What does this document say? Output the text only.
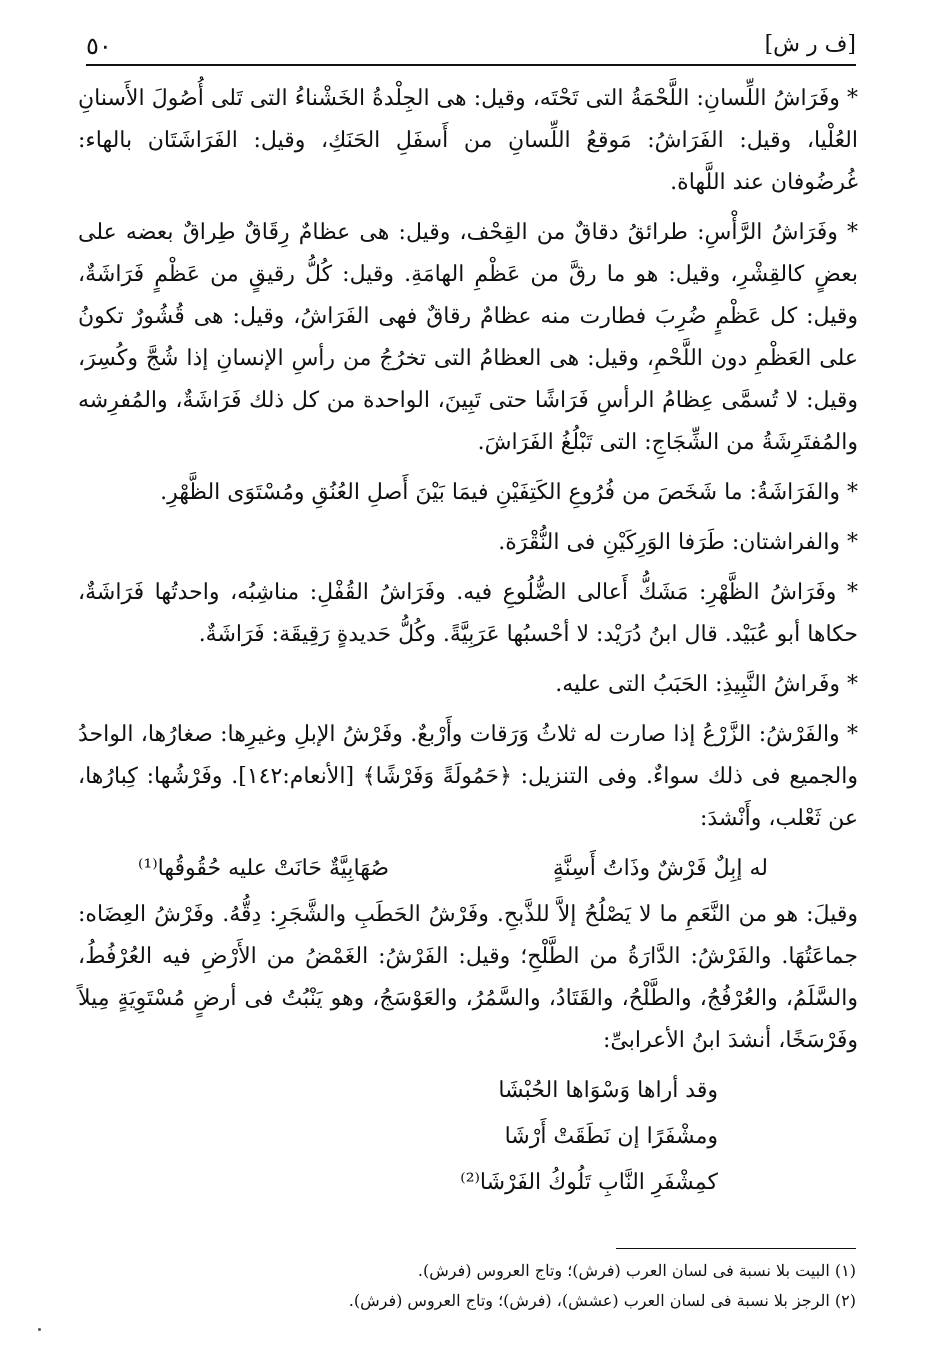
٥٠	[ف ر ش]

* وفَرَاشُ اللِّسانِ: اللَّحْمَةُ التى تَحْتَه، وقيل: هى الجِلْدةُ الخَشْناءُ التى تَلى أُصُولَ الأَسنانِ العُلْيا، وقيل: الفَرَاشُ: مَوقعُ اللِّسانِ من أَسفَلِ الحَنَكِ، وقيل: الفَرَاشَتَان بالهاء: غُرضُوفان عند اللَّهاة.

* وفَرَاشُ الرَّأْسِ: طرائقُ دقاقٌ من القِحْف، وقيل: هى عظامٌ رِقَاقٌ طِراقٌ بعضه على بعضٍ كالقِشْرِ، وقيل: هو ما رقَّ من عَظْمِ الهامَةِ. وقيل: كُلُّ رقيقٍ من عَظْمٍ فَرَاشَةٌ، وقيل: كل عَظْمٍ ضُرِبَ فطارت منه عظامٌ رقاقٌ فهى الفَرَاشُ، وقيل: هى قُشُورٌ تكونُ على العَظْمِ دون اللَّحْمِ، وقيل: هى العظامُ التى تخرُجُ من رأسِ الإنسانِ إذا شُجَّ وكُسِرَ، وقيل: لا تُسمَّى عِظامُ الرأسِ فَرَاشًا حتى تَبِينَ، الواحدة من كل ذلك فَرَاشَةٌ، والمُفرِشه والمُفتَرِشَةُ من الشِّجَاجِ: التى تَبْلُغُ الفَرَاشَ.

* والفَرَاشَةُ: ما شَخَصَ من فُرُوعِ الكَتِفَيْنِ فيمَا بَيْنَ أَصلِ العُنُقِ ومُسْتَوَى الظَّهْرِ.

* والفراشتان: طَرَفا الوَرِكَيْنِ فى النُّقْرَة.

* وفَرَاشُ الظَّهْرِ: مَشَكُّ أَعالى الضُّلُوعِ فيه. وفَرَاشُ القُفْلِ: مناشِبُه، واحدتُها فَرَاشَةٌ، حكاها أبو عُبَيْد. قال ابنُ دُرَيْد: لا أحْسبُها عَرَبِيَّةً. وكُلُّ حَديدةٍ رَقِيقَة: فَرَاشَةٌ.

* وفَراشُ النَّبِيذِ: الحَبَبُ التى عليه.

* والفَرْشُ: الزَّرْعُ إذا صارت له ثلاثُ وَرَقات وأَرْبعٌ. وفَرْشُ الإبلِ وغيرِها: صغارُها، الواحدُ والجميع فى ذلك سواءٌ. وفى التنزيل: ﴿حَمُولَةً وَفَرْشًا﴾ [الأنعام:١٤٢]. وفَرْشُها: كِبارُها، عن ثَعْلب، وأَنْشدَ:

له إبِلٌ فَرْشٌ وذَاتُ أَسِنَّةٍ
صُهَابِيَّةٌ حَانَتْ عليه حُقُوقُها⁽¹⁾

وقيلَ: هو من النَّعَمِ ما لا يَصْلُحُ إلاَّ للذَّبحِ. وفَرْشُ الحَطَبِ والشَّجَرِ: دِقُّهُ. وفَرْشُ العِضَاه: جماعَتُهَا. والفَرْشُ: الدَّارَةُ من الطَّلْحِ؛ وقيل: الفَرْشُ: الغَمْضُ من الأَرْضِ فيه العُرْفُطُ، والسَّلَمُ، والعُرْفُجُ، والطَّلْحُ، والقَتَادُ، والسَّمُرُ، والعَوْسَجُ، وهو يَنْبُتُ فى أرضٍ مُسْتَوِيَةٍ مِيلاً وفَرْسَخًا، أنشدَ ابنُ الأعرابىِّ:

وقد أراها وَسْوَاها الحُبْشَا
ومشْفَرًا إن نَطَقَتْ أَرْشَا
كمِشْفَرِ النَّابِ تَلُوكُ الفَرْشَا⁽²⁾
(١) البيت بلا نسبة فى لسان العرب (فرش)؛ وتاج العروس (فرش).
(٢) الرجز بلا نسبة فى لسان العرب (عشش)، (فرش)؛ وتاج العروس (فرش).
